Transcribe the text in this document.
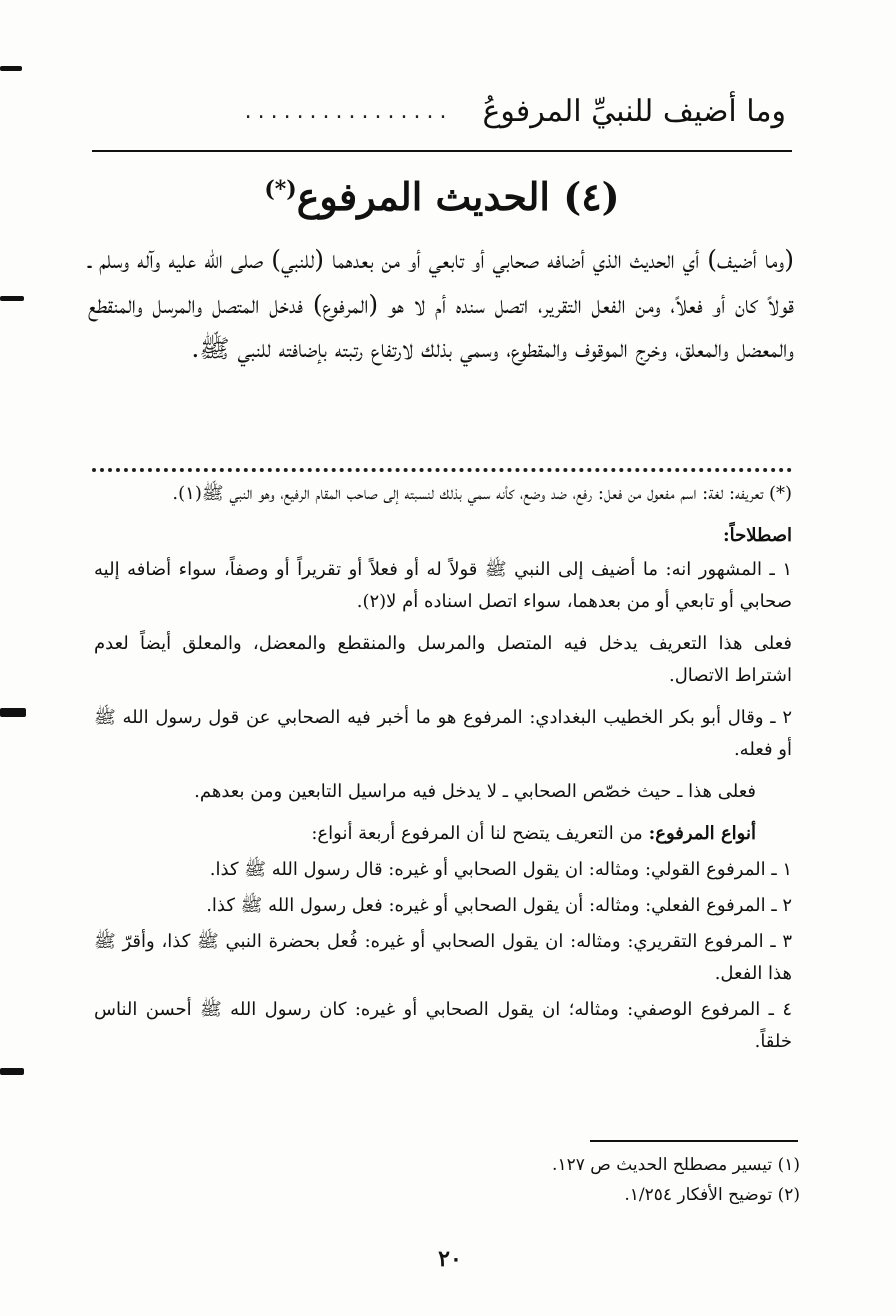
وما أضيف للنبيِّ المرفوعُ
................
(٤) الحديث المرفوع(*)
(وما أضيف) أي الحديث الذي أضافه صحابي أو تابعي أو من بعدهما (للنبي) صلى الله عليه وآله وسلم ـ قولاً كان أو فعلاً، ومن الفعل التقرير، اتصل سنده أم لا هو (المرفوع) فدخل المتصل والمرسل والمنقطع والمعضل والمعلق، وخرج الموقوف والمقطوع، وسمي بذلك لارتفاع رتبته بإضافته للنبي ﷺ.

(*) تعريفه: لغة: اسم مفعول من فعل: رفع، ضد وضع، كأنه سمي بذلك لنسبته إلى صاحب المقام الرفيع، وهو النبي ﷺ(١).

اصطلاحاً:

١ ـ المشهور انه: ما أضيف إلى النبي ﷺ قولاً له أو فعلاً أو تقريراً أو وصفاً، سواء أضافه إليه صحابي أو تابعي أو من بعدهما، سواء اتصل اسناده أم لا(٢).

فعلى هذا التعريف يدخل فيه المتصل والمرسل والمنقطع والمعضل، والمعلق أيضاً لعدم اشتراط الاتصال.

٢ ـ وقال أبو بكر الخطيب البغدادي: المرفوع هو ما أخبر فيه الصحابي عن قول رسول الله ﷺ أو فعله.

فعلى هذا ـ حيث خصّص الصحابي ـ لا يدخل فيه مراسيل التابعين ومن بعدهم.

أنواع المرفوع: من التعريف يتضح لنا أن المرفوع أربعة أنواع:

١ ـ المرفوع القولي: ومثاله: ان يقول الصحابي أو غيره: قال رسول الله ﷺ كذا.

٢ ـ المرفوع الفعلي: ومثاله: أن يقول الصحابي أو غيره: فعل رسول الله ﷺ كذا.

٣ ـ المرفوع التقريري: ومثاله: ان يقول الصحابي أو غيره: فُعل بحضرة النبي ﷺ كذا، وأقرّ ﷺ هذا الفعل.

٤ ـ المرفوع الوصفي: ومثاله؛ ان يقول الصحابي أو غيره: كان رسول الله ﷺ أحسن الناس خلقاً.

(١) تيسير مصطلح الحديث ص ١٢٧.
(٢) توضيح الأفكار ١/٢٥٤.
٢٠
